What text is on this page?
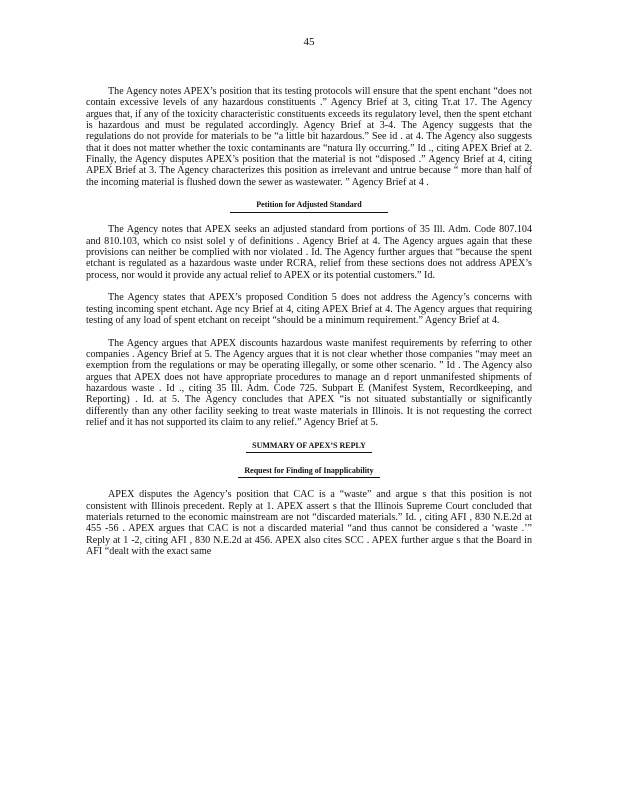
45

The Agency notes APEX’s position that its testing protocols will ensure that the spent enchant “does not contain excessive levels of any hazardous constituents .” Agency Brief at 3, citing Tr.at 17. The Agency argues that, if any of the toxicity characteristic constituents exceeds its regulatory level, then the spent etchant is hazardous and must be regulated accordingly. Agency Brief at 3-4. The Agency suggests that the regulations do not provide for materials to be “a little bit hazardous.” See id . at 4. The Agency also suggests that it does not matter whether the toxic contaminants are “natura lly occurring.” Id ., citing APEX Brief at 2. Finally, the Agency disputes APEX’s position that the material is not “disposed .” Agency Brief at 4, citing APEX Brief at 3. The Agency characterizes this position as irrelevant and untrue because “ more than half of the incoming material is flushed down the sewer as wastewater. ” Agency Brief at 4 .

Petition for Adjusted Standard

The Agency notes that APEX seeks an adjusted standard from portions of 35 Ill. Adm. Code 807.104 and 810.103, which co nsist solel y of definitions . Agency Brief at 4. The Agency argues again that these provisions can neither be complied with nor violated . Id. The Agency further argues that “because the spent etchant is regulated as a hazardous waste under RCRA, relief from these sections does not address APEX’s process, nor would it provide any actual relief to APEX or its potential customers.” Id.

The Agency states that APEX’s proposed Condition 5 does not address the Agency’s concerns with testing incoming spent etchant. Age ncy Brief at 4, citing APEX Brief at 4. The Agency argues that requiring testing of any load of spent etchant on receipt “should be a minimum requirement.” Agency Brief at 4.

The Agency argues that APEX discounts hazardous waste manifest requirements by referring to other companies . Agency Brief at 5. The Agency argues that it is not clear whether those companies “may meet an exemption from the regulations or may be operating illegally, or some other scenario. ” Id . The Agency also argues that APEX does not have appropriate procedures to manage an d report unmanifested shipments of hazardous waste . Id ., citing 35 Ill. Adm. Code 725. Subpart E (Manifest System, Recordkeeping, and Reporting) . Id. at 5. The Agency concludes that APEX “is not situated substantially or significantly differently than any other facility seeking to treat waste materials in Illinois. It is not requesting the correct relief and it has not supported its claim to any relief.” Agency Brief at 5.

SUMMARY OF APEX’S REPLY

Request for Finding of Inapplicability

APEX disputes the Agency’s position that CAC is a “waste” and argue s that this position is not consistent with Illinois precedent. Reply at 1. APEX assert s that the Illinois Supreme Court concluded that materials returned to the economic mainstream are not “discarded materials.” Id. , citing AFI , 830 N.E.2d at 455 -56 . APEX argues that CAC is not a discarded material “and thus cannot be considered a ‘waste .’” Reply at 1 -2, citing AFI , 830 N.E.2d at 456. APEX also cites SCC . APEX further argue s that the Board in AFI “dealt with the exact same
